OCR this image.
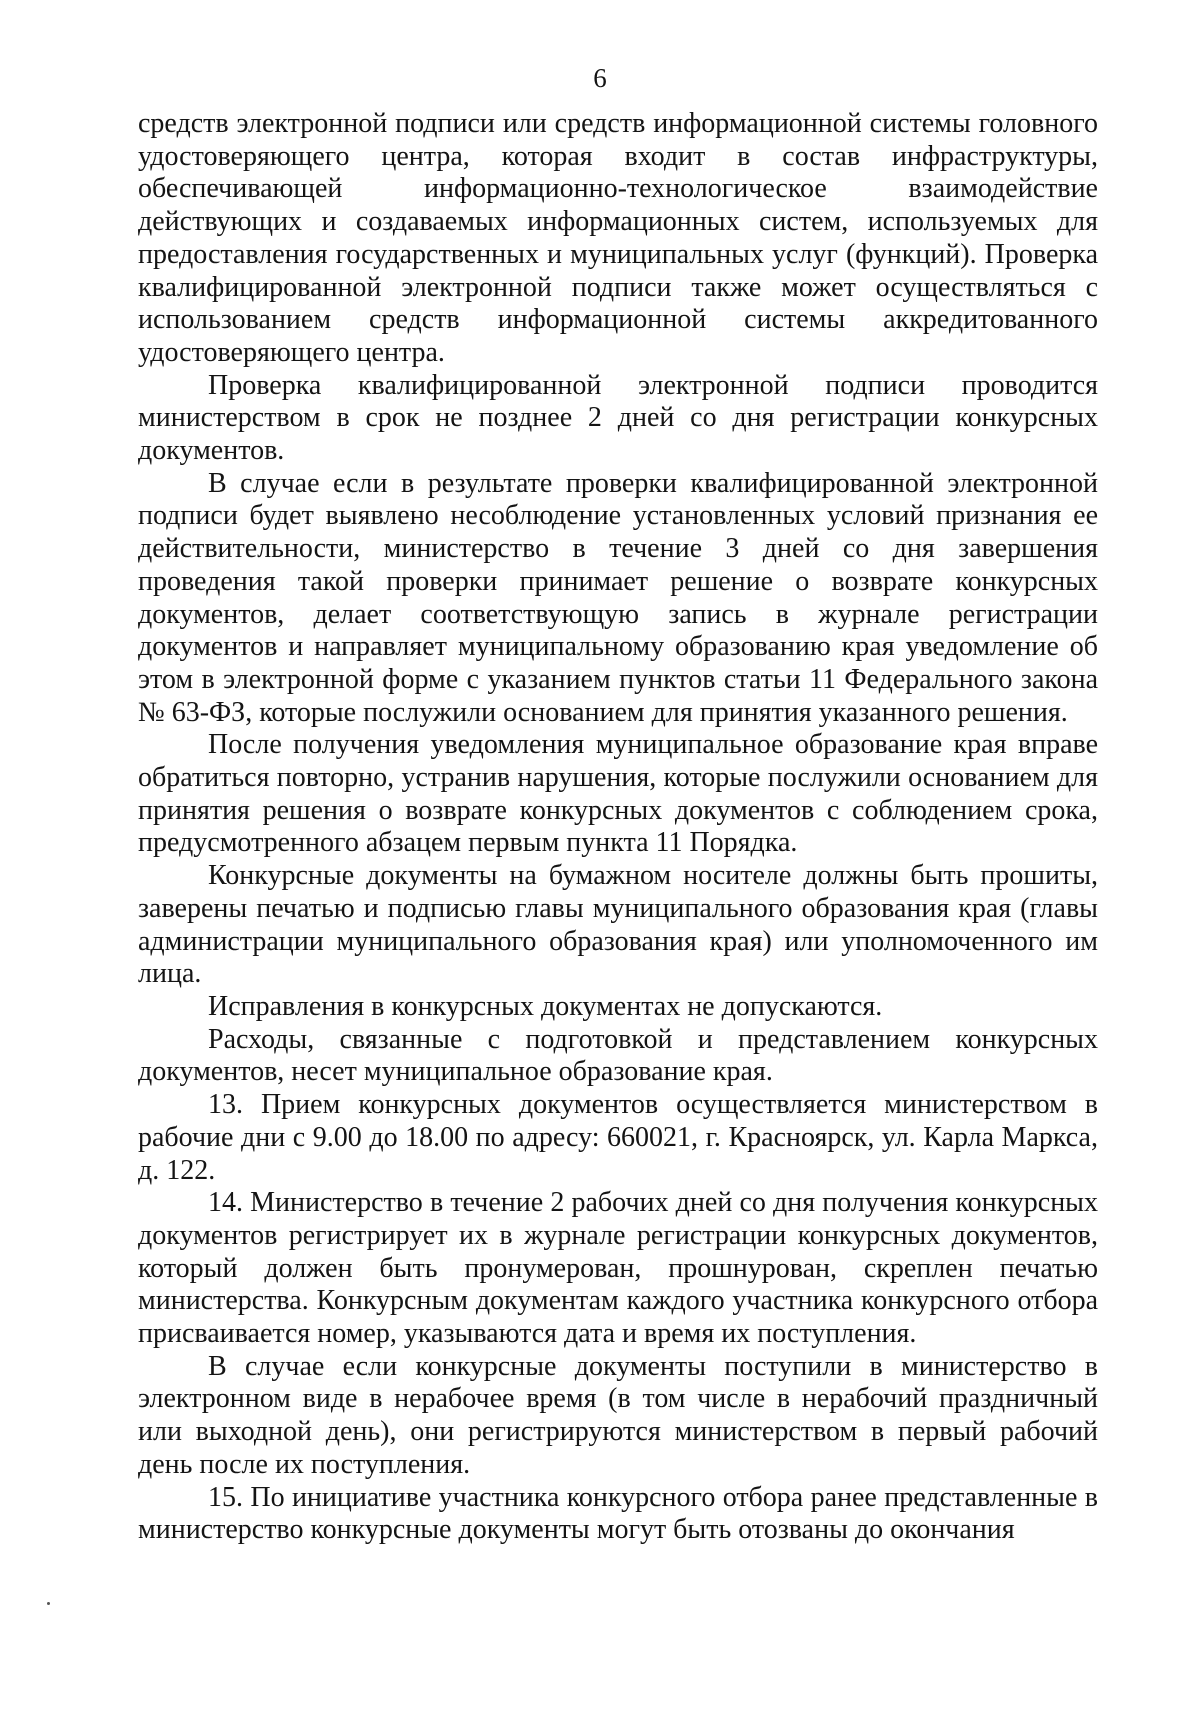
6

средств электронной подписи или средств информационной системы головного удостоверяющего центра, которая входит в состав инфраструктуры, обеспечивающей информационно-технологическое взаимодействие действующих и создаваемых информационных систем, используемых для предоставления государственных и муниципальных услуг (функций). Проверка квалифицированной электронной подписи также может осуществляться с использованием средств информационной системы аккредитованного удостоверяющего центра.

Проверка квалифицированной электронной подписи проводится министерством в срок не позднее 2 дней со дня регистрации конкурсных документов.

В случае если в результате проверки квалифицированной электронной подписи будет выявлено несоблюдение установленных условий признания ее действительности, министерство в течение 3 дней со дня завершения проведения такой проверки принимает решение о возврате конкурсных документов, делает соответствующую запись в журнале регистрации документов и направляет муниципальному образованию края уведомление об этом в электронной форме с указанием пунктов статьи 11 Федерального закона № 63-ФЗ, которые послужили основанием для принятия указанного решения.

После получения уведомления муниципальное образование края вправе обратиться повторно, устранив нарушения, которые послужили основанием для принятия решения о возврате конкурсных документов с соблюдением срока, предусмотренного абзацем первым пункта 11 Порядка.

Конкурсные документы на бумажном носителе должны быть прошиты, заверены печатью и подписью главы муниципального образования края (главы администрации муниципального образования края) или уполномоченного им лица.

Исправления в конкурсных документах не допускаются.

Расходы, связанные с подготовкой и представлением конкурсных документов, несет муниципальное образование края.

13. Прием конкурсных документов осуществляется министерством в рабочие дни с 9.00 до 18.00 по адресу: 660021, г. Красноярск, ул. Карла Маркса, д. 122.

14. Министерство в течение 2 рабочих дней со дня получения конкурсных документов регистрирует их в журнале регистрации конкурсных документов, который должен быть пронумерован, прошнурован, скреплен печатью министерства. Конкурсным документам каждого участника конкурсного отбора присваивается номер, указываются дата и время их поступления.

В случае если конкурсные документы поступили в министерство в электронном виде в нерабочее время (в том числе в нерабочий праздничный или выходной день), они регистрируются министерством в первый рабочий день после их поступления.

15. По инициативе участника конкурсного отбора ранее представленные в министерство конкурсные документы могут быть отозваны до окончания
